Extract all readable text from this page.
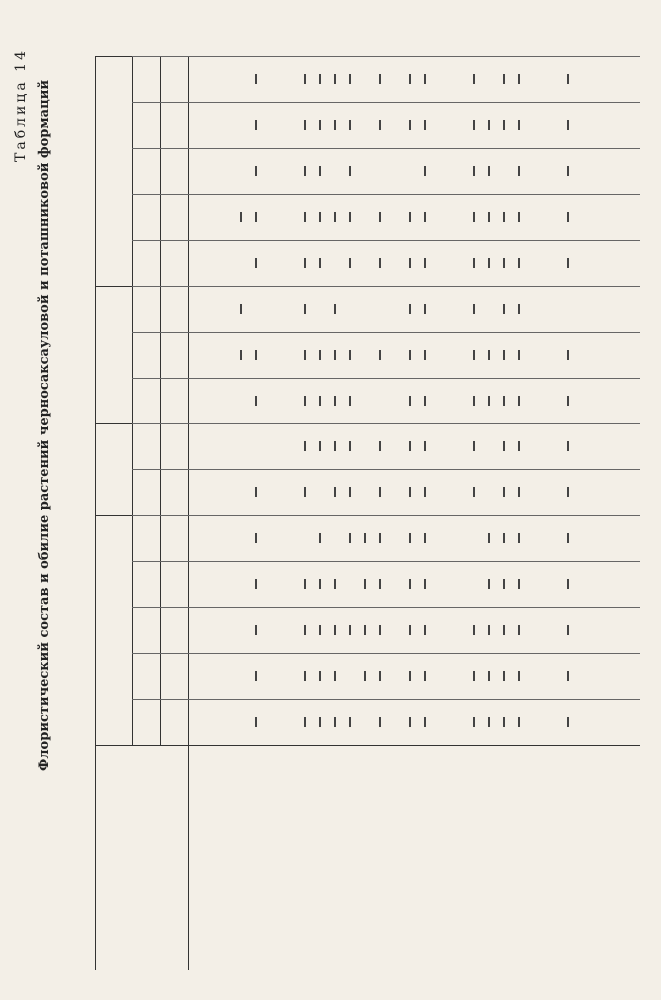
Таблица 14 Флористический состав и обилие растений черносаксауловой и поташниковой формаций
